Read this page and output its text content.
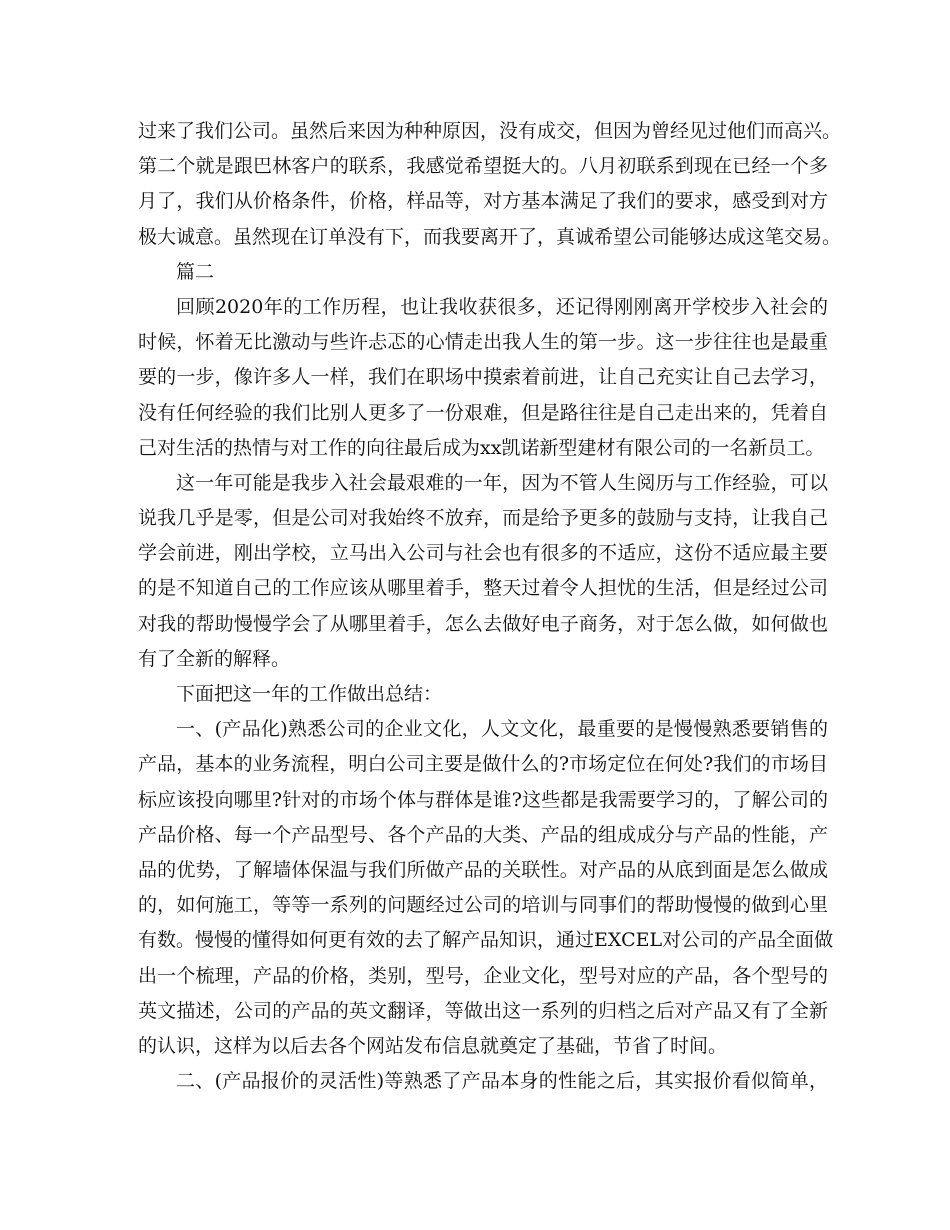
过来了我们公司。虽然后来因为种种原因，没有成交，但因为曾经见过他们而高兴。
第二个就是跟巴林客户的联系，我感觉希望挺大的。八月初联系到现在已经一个多
月了，我们从价格条件，价格，样品等，对方基本满足了我们的要求，感受到对方
极大诚意。虽然现在订单没有下，而我要离开了，真诚希望公司能够达成这笔交易。
篇二
回顾2020年的工作历程，也让我收获很多，还记得刚刚离开学校步入社会的
时候，怀着无比激动与些许忐忑的心情走出我人生的第一步。这一步往往也是最重
要的一步，像许多人一样，我们在职场中摸索着前进，让自己充实让自己去学习，
没有任何经验的我们比别人更多了一份艰难，但是路往往是自己走出来的，凭着自
己对生活的热情与对工作的向往最后成为xx凯诺新型建材有限公司的一名新员工。
这一年可能是我步入社会最艰难的一年，因为不管人生阅历与工作经验，可以
说我几乎是零，但是公司对我始终不放弃，而是给予更多的鼓励与支持，让我自己
学会前进，刚出学校，立马出入公司与社会也有很多的不适应，这份不适应最主要
的是不知道自己的工作应该从哪里着手，整天过着令人担忧的生活，但是经过公司
对我的帮助慢慢学会了从哪里着手，怎么去做好电子商务，对于怎么做，如何做也
有了全新的解释。
下面把这一年的工作做出总结：
一、(产品化)熟悉公司的企业文化，人文文化，最重要的是慢慢熟悉要销售的
产品，基本的业务流程，明白公司主要是做什么的?市场定位在何处?我们的市场目
标应该投向哪里?针对的市场个体与群体是谁?这些都是我需要学习的，了解公司的
产品价格、每一个产品型号、各个产品的大类、产品的组成成分与产品的性能，产
品的优势，了解墙体保温与我们所做产品的关联性。对产品的从底到面是怎么做成
的，如何施工，等等一系列的问题经过公司的培训与同事们的帮助慢慢的做到心里
有数。慢慢的懂得如何更有效的去了解产品知识，通过EXCEL对公司的产品全面做
出一个梳理，产品的价格，类别，型号，企业文化，型号对应的产品，各个型号的
英文描述，公司的产品的英文翻译，等做出这一系列的归档之后对产品又有了全新
的认识，这样为以后去各个网站发布信息就奠定了基础，节省了时间。
二、(产品报价的灵活性)等熟悉了产品本身的性能之后，其实报价看似简单，
